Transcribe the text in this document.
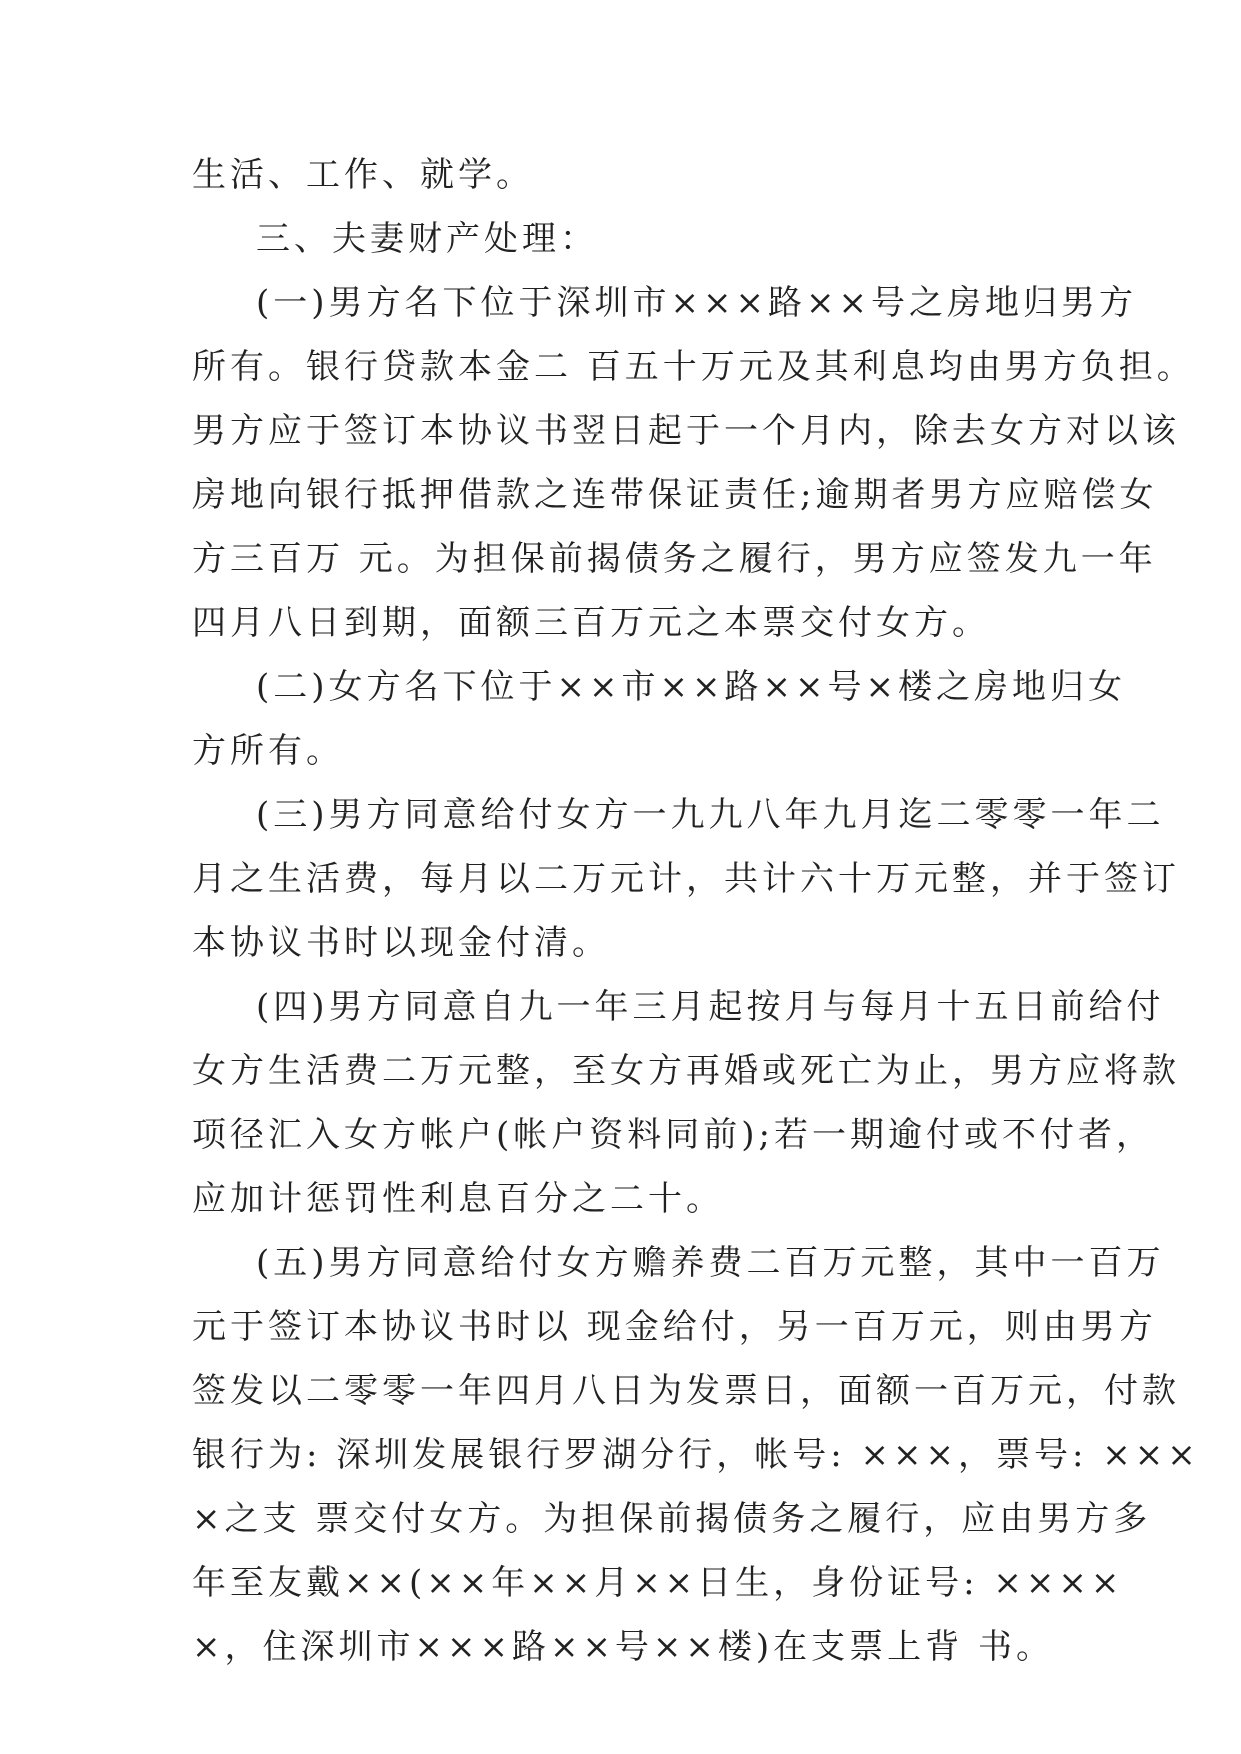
生活、工作、就学。
三、夫妻财产处理：
(一)男方名下位于深圳市×××路××号之房地归男方
所有。银行贷款本金二 百五十万元及其利息均由男方负担。
男方应于签订本协议书翌日起于一个月内，除去女方对以该
房地向银行抵押借款之连带保证责任;逾期者男方应赔偿女
方三百万 元。为担保前揭债务之履行，男方应签发九一年
四月八日到期，面额三百万元之本票交付女方。
(二)女方名下位于××市××路××号×楼之房地归女
方所有。
(三)男方同意给付女方一九九八年九月迄二零零一年二
月之生活费，每月以二万元计，共计六十万元整，并于签订
本协议书时以现金付清。
(四)男方同意自九一年三月起按月与每月十五日前给付
女方生活费二万元整，至女方再婚或死亡为止，男方应将款
项径汇入女方帐户(帐户资料同前);若一期逾付或不付者，
应加计惩罚性利息百分之二十。
(五)男方同意给付女方赡养费二百万元整，其中一百万
元于签订本协议书时以 现金给付，另一百万元，则由男方
签发以二零零一年四月八日为发票日，面额一百万元，付款
银行为: 深圳发展银行罗湖分行，帐号: ×××，票号: ×××
×之支 票交付女方。为担保前揭债务之履行，应由男方多
年至友戴××(××年××月××日生，身份证号: ××××
×，住深圳市×××路××号××楼)在支票上背 书。
